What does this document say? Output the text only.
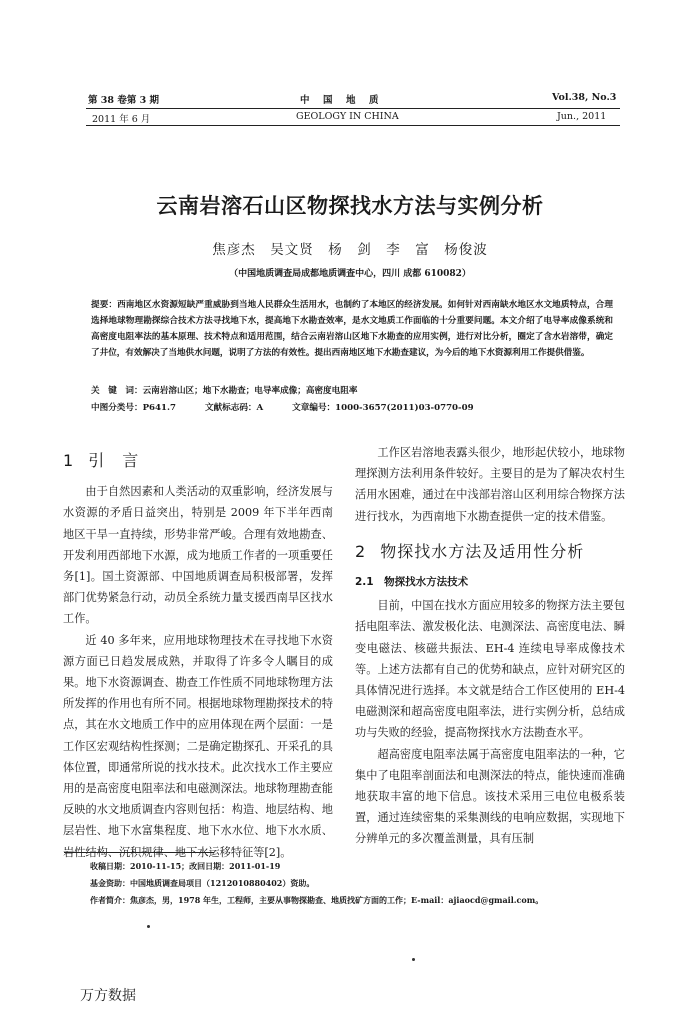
第 38 卷第 3 期	中　国　地　质	Vol.38, No.3
2011 年 6 月	GEOLOGY IN CHINA	Jun., 2011
云南岩溶石山区物探找水方法与实例分析
焦彦杰　吴文贤　杨　剑　李　富　杨俊波
（中国地质调查局成都地质调查中心，四川 成都 610082）

提要：西南地区水资源短缺严重威胁到当地人民群众生活用水，也制约了本地区的经济发展。如何针对西南缺水地区水文地质特点，合理选择地球物理勘探综合技术方法寻找地下水，提高地下水勘查效率，是水文地质工作面临的十分重要问题。本文介绍了电导率成像系统和高密度电阻率法的基本原理、技术特点和适用范围，结合云南岩溶山区地下水勘查的应用实例，进行对比分析，圈定了含水岩溶带，确定了井位，有效解决了当地供水问题，说明了方法的有效性。提出西南地区地下水勘查建议，为今后的地下水资源利用工作提供借鉴。

关　键　词：云南岩溶山区；地下水勘查；电导率成像；高密度电阻率
中图分类号：P641.7	文献标志码：A	文章编号：1000-3657(2011)03-0770-09
1 引　言

由于自然因素和人类活动的双重影响，经济发展与水资源的矛盾日益突出，特别是 2009 年下半年西南地区干旱一直持续，形势非常严峻。合理有效地勘查、开发利用西部地下水源，成为地质工作者的一项重要任务[1]。国土资源部、中国地质调查局积极部署，发挥部门优势紧急行动，动员全系统力量支援西南旱区找水工作。

近 40 多年来，应用地球物理技术在寻找地下水资源方面已日趋发展成熟，并取得了许多令人瞩目的成果。地下水资源调查、勘查工作性质不同地球物理方法所发挥的作用也有所不同。根据地球物理勘探技术的特点，其在水文地质工作中的应用体现在两个层面：一是工作区宏观结构性探测；二是确定勘探孔、开采孔的具体位置，即通常所说的找水技术。此次找水工作主要应用的是高密度电阻率法和电磁测深法。地球物理勘查能反映的水文地质调查内容则包括：构造、地层结构、地层岩性、地下水富集程度、地下水水位、地下水水质、岩性结构、沉积规律、地下水运移特征等[2]。

工作区岩溶地表露头很少，地形起伏较小，地球物理探测方法利用条件较好。主要目的是为了解决农村生活用水困难，通过在中浅部岩溶山区利用综合物探方法进行找水，为西南地下水勘查提供一定的技术借鉴。

2 物探找水方法及适用性分析
2.1　 物探找水方法技术

目前，中国在找水方面应用较多的物探方法主要包括电阻率法、激发极化法、电测深法、高密度电法、瞬变电磁法、核磁共振法、EH-4 连续电导率成像技术等。上述方法都有自己的优势和缺点，应针对研究区的具体情况进行选择。本文就是结合工作区使用的 EH-4 电磁测深和超高密度电阻率法，进行实例分析，总结成功与失败的经验，提高物探找水方法勘查水平。

超高密度电阻率法属于高密度电阻率法的一种，它集中了电阻率剖面法和电测深法的特点，能快速而准确地获取丰富的地下信息。该技术采用三电位电极系装置，通过连续密集的采集测线的电响应数据，实现地下分辨单元的多次覆盖测量，具有压制

收稿日期：2010-11-15；改回日期：2011-01-19
基金资助：中国地质调查局项目（1212010880402）资助。
作者简介：焦彦杰，男，1978 年生，工程师，主要从事物探勘查、地质找矿方面的工作；E-mail：ajiaocd@gmail.com。
万方数据
